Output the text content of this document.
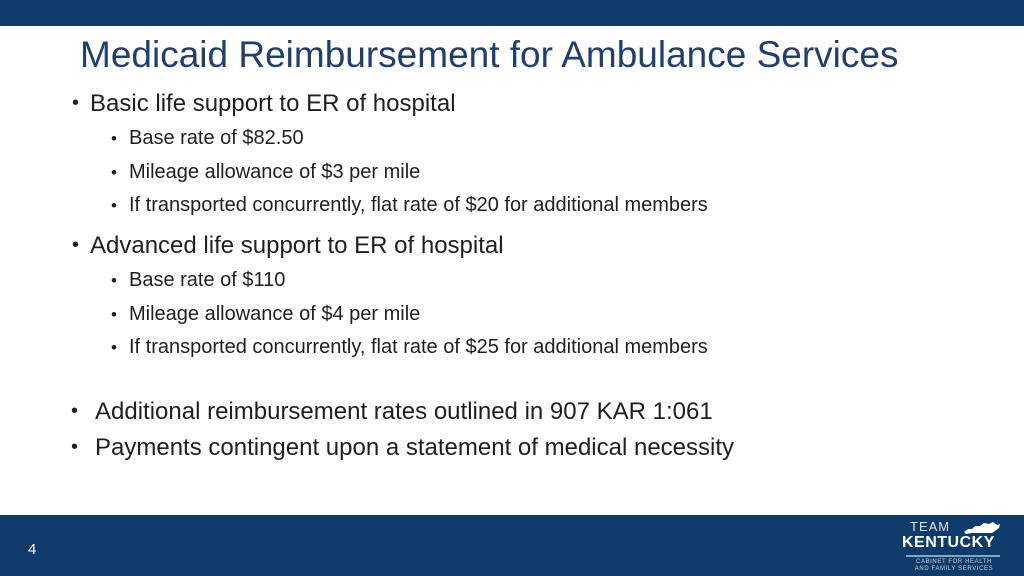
Medicaid Reimbursement for Ambulance Services
• Basic life support to ER of hospital
• Base rate of $82.50
• Mileage allowance of $3 per mile
• If transported concurrently, flat rate of $20 for additional members
• Advanced life support to ER of hospital
• Base rate of $110
• Mileage allowance of $4 per mile
• If transported concurrently, flat rate of $25 for additional members
• Additional reimbursement rates outlined in 907 KAR 1:061
• Payments contingent upon a statement of medical necessity
4
TEAM
KENTUCKY
CABINET FOR HEALTH
AND FAMILY SERVICES
